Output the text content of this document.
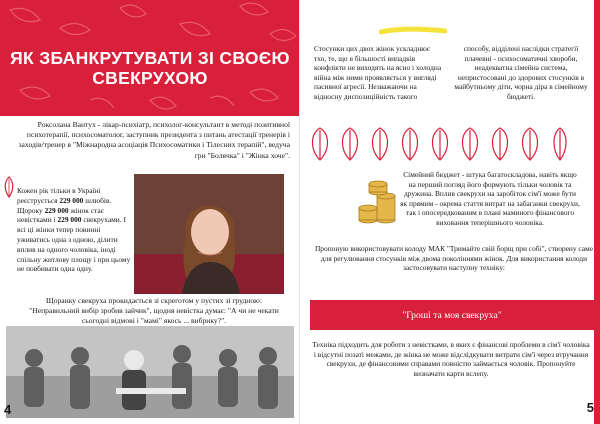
ЯК ЗБАНКРУТУВАТИ ЗІ СВОЄЮ СВЕКРУХОЮ
Роксолана Вантух - лікар-психіатр, психолог-консультант в методі позитивної психотерапії, психосоматолог, заступник президента з питань атестації тренерів і заходів/тренер в "Міжнародна асоціація Психосоматики і Тілесних терапій", ведуча гри "Болячка" і "Жінка хоче".
Кожен рік тільки в Україні реєструється 229 000 шлюбів. Щороку 229 000 жінок стає невістками і 229 000 свекрухами. І всі ці жінки тепер повинні уживатись одна з одною, ділити вплив на одного чоловіка, іноді спільну житлову площу і при цьому не повбивати одна одну.
Щоранку свекруха прокидається зі скреготом у пустих зі грудною: "Неправильний вибір зробив зайчик", щодня невістка думає: "А чи не чекати сьогодні відмові і "мамі" якось ... вибрику?".
4
Стосунки цих двох жінок ускладнює тхо, те, що в більшості випадків конфлікти не виходять на ясно і холодна війна між ними проявляється у вигляді пасивної агресії. Незважаючи на відносну диспозиційність такого
способу, відділені наслідки стратегії плачевні - психосоматичні хвороби, неадекватна сімейна система, непристосовані до здорових стосунків в майбутньому діти, чорна діра в сімейному бюджеті.
Сімейний бюджет - штука багатоскладова, навіть якщо на перший погляд його формують тільки чоловік та дружина. Вплив свекрухи на заробіток сім'ї може бути як прямим - окрема стаття витрат на забаганки свекрухи, так і опосередкованим в плані маминого фінансового виховання теперішнього чоловіка.
Пропоную використовувати колоду МАК "Тримайте свій борщ при собі", створену саме для регулювання стосунків між двома поколіннями жінок. Для використання колоди застосовувати наступну техніку:
"Гроші та моя свекруха"
Техніка підходить для роботи з невістками, в яких є фінансові проблеми в сім'ї чоловіка і відсутні позаті межами, де жінка не може відслідкувати витрати сім'ї через втручання свекрухи, де фінансовими справами повністю займається чоловік. Пропонуйте визначати карти вслепу.
5
